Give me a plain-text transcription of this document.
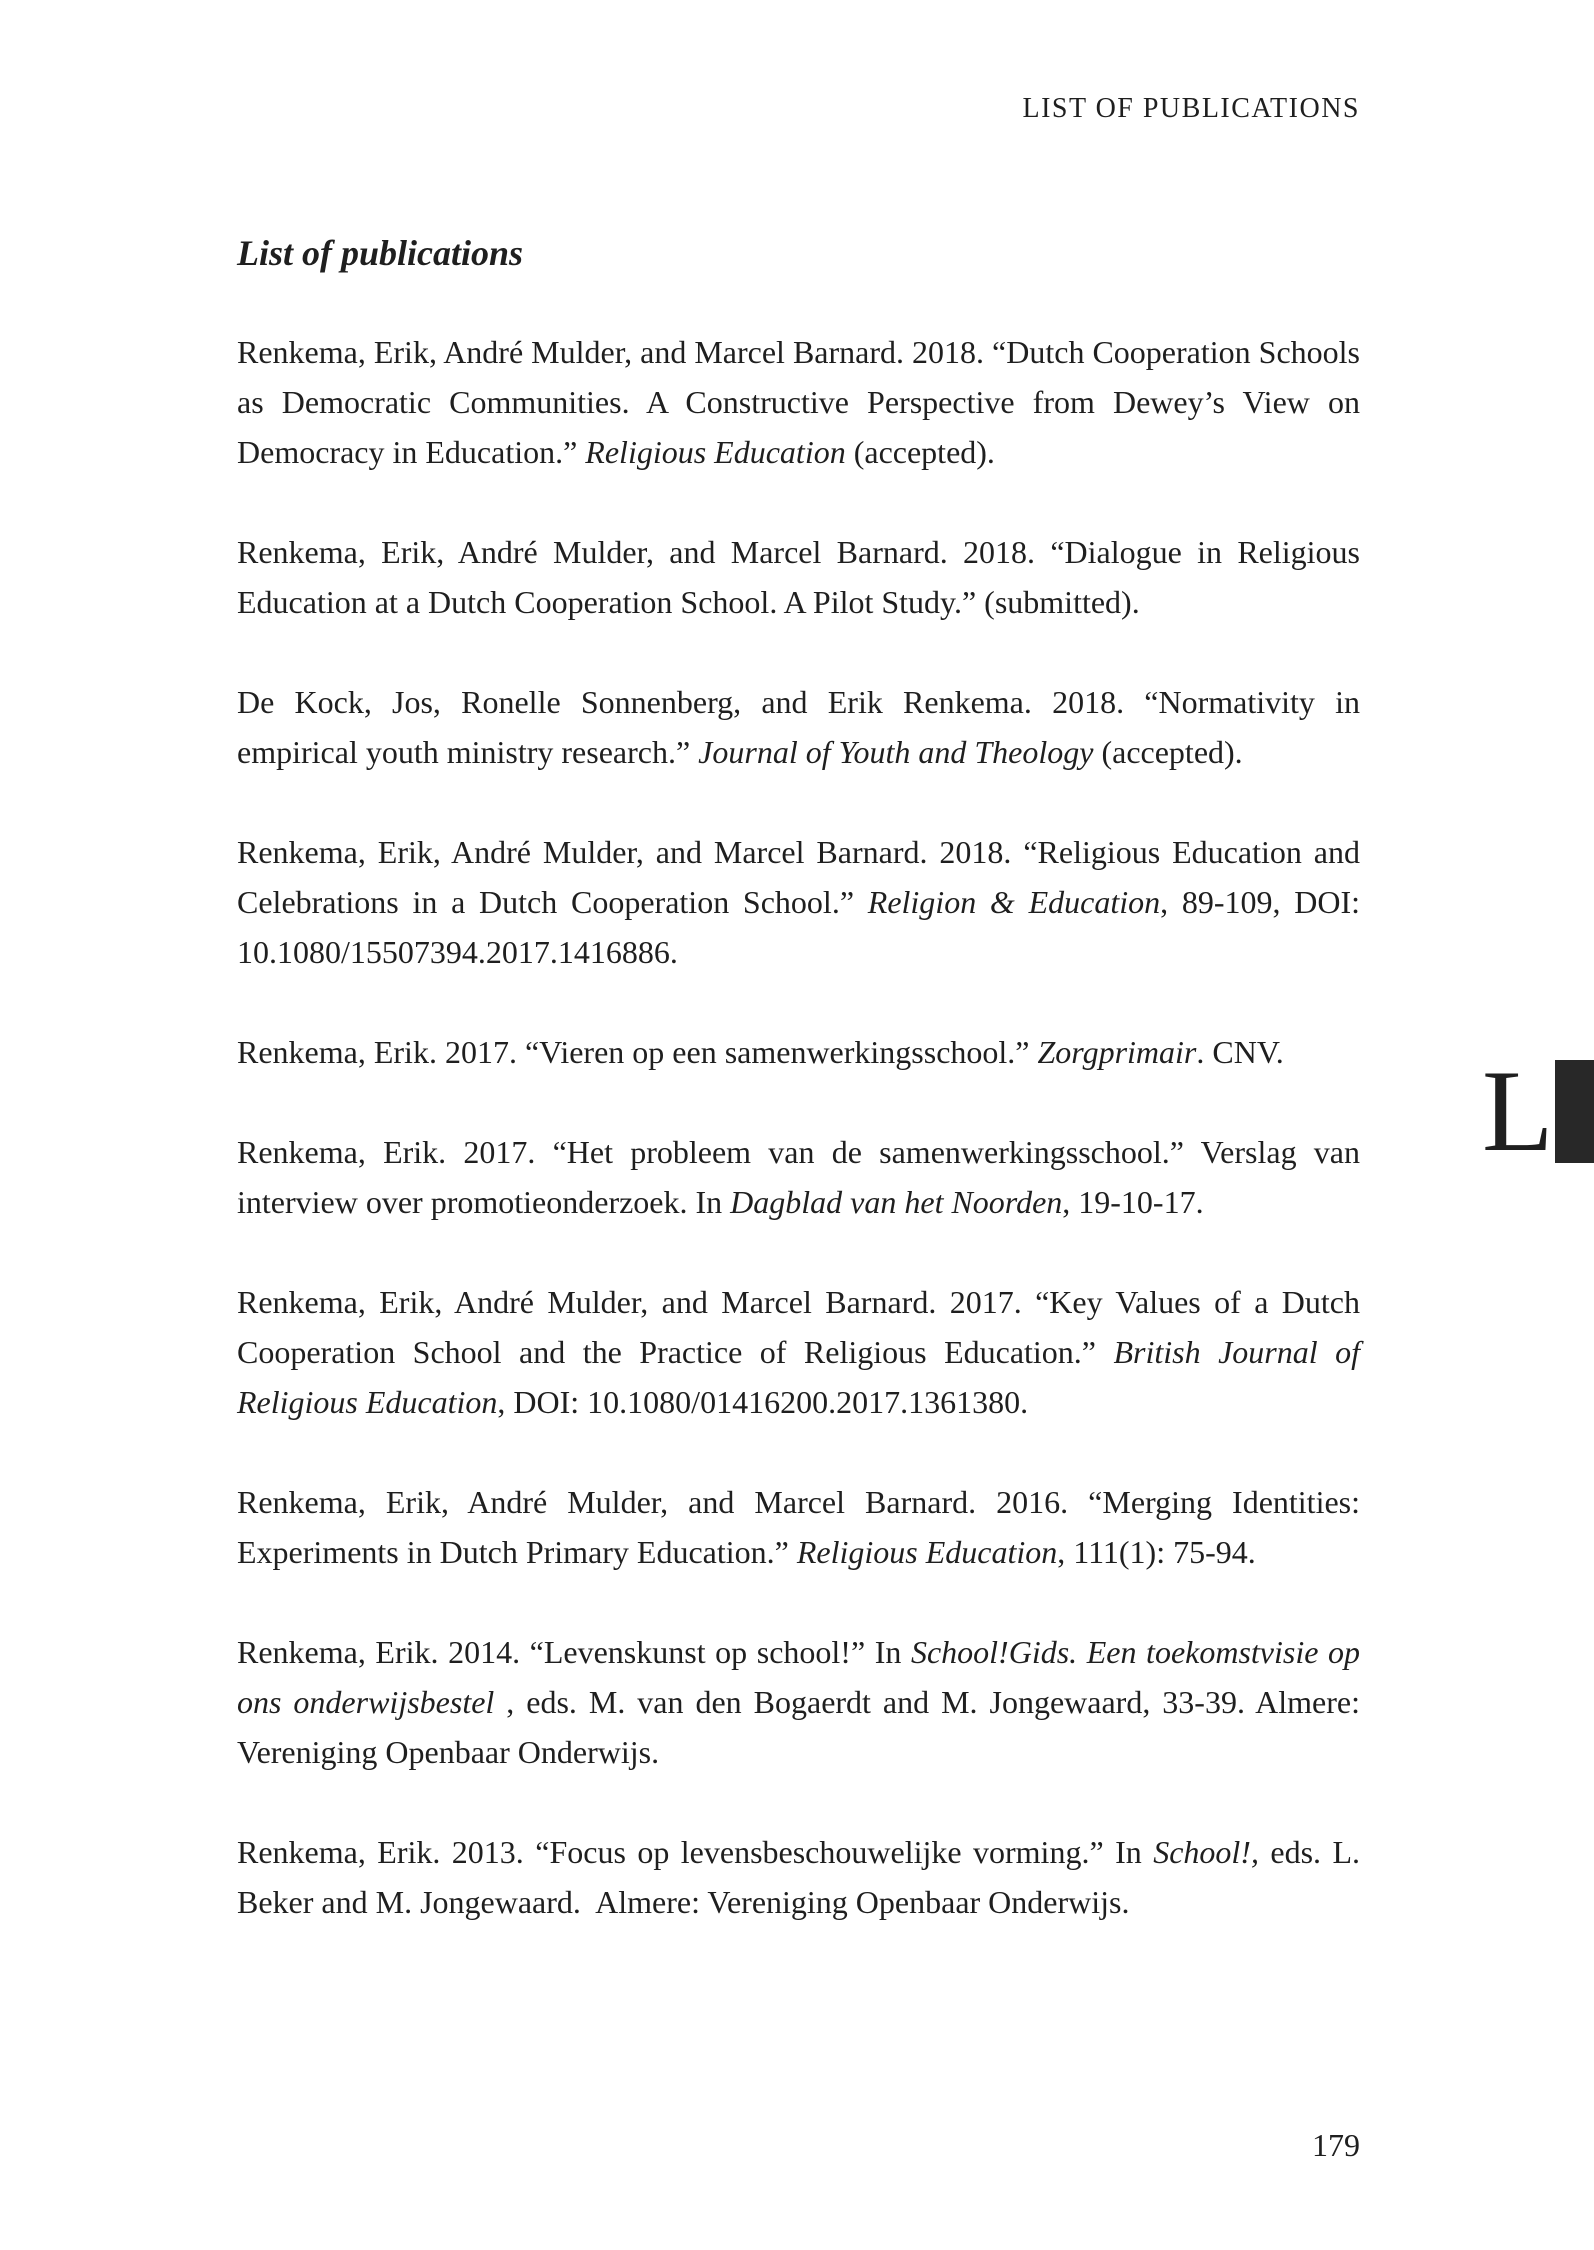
LIST OF PUBLICATIONS
List of publications

Renkema, Erik, André Mulder, and Marcel Barnard. 2018. “Dutch Cooperation Schools as Democratic Communities. A Constructive Perspective from Dewey’s View on Democracy in Education.” Religious Education (accepted).

Renkema, Erik, André Mulder, and Marcel Barnard. 2018. “Dialogue in Religious Education at a Dutch Cooperation School. A Pilot Study.” (submitted).

De Kock, Jos, Ronelle Sonnenberg, and Erik Renkema. 2018. “Normativity in empirical youth ministry research.” Journal of Youth and Theology (accepted).

Renkema, Erik, André Mulder, and Marcel Barnard. 2018. “Religious Education and Celebrations in a Dutch Cooperation School.” Religion & Education, 89-109, DOI: 10.1080/15507394.2017.1416886.

Renkema, Erik. 2017. “Vieren op een samenwerkingsschool.” Zorgprimair. CNV.

Renkema, Erik. 2017. “Het probleem van de samenwerkingsschool.” Verslag van interview over promotieonderzoek. In Dagblad van het Noorden, 19-10-17.

Renkema, Erik, André Mulder, and Marcel Barnard. 2017. “Key Values of a Dutch Cooperation School and the Practice of Religious Education.” British Journal of Religious Education, DOI: 10.1080/01416200.2017.1361380.

Renkema, Erik, André Mulder, and Marcel Barnard. 2016. “Merging Identities: Experiments in Dutch Primary Education.” Religious Education, 111(1): 75-94.

Renkema, Erik. 2014. “Levenskunst op school!” In School!Gids. Een toekomstvisie op ons onderwijsbestel , eds. M. van den Bogaerdt and M. Jongewaard, 33-39. Almere: Vereniging Openbaar Onderwijs.

Renkema, Erik. 2013. “Focus op levensbeschouwelijke vorming.” In School!, eds. L. Beker and M. Jongewaard.  Almere: Vereniging Openbaar Onderwijs.

L
179
